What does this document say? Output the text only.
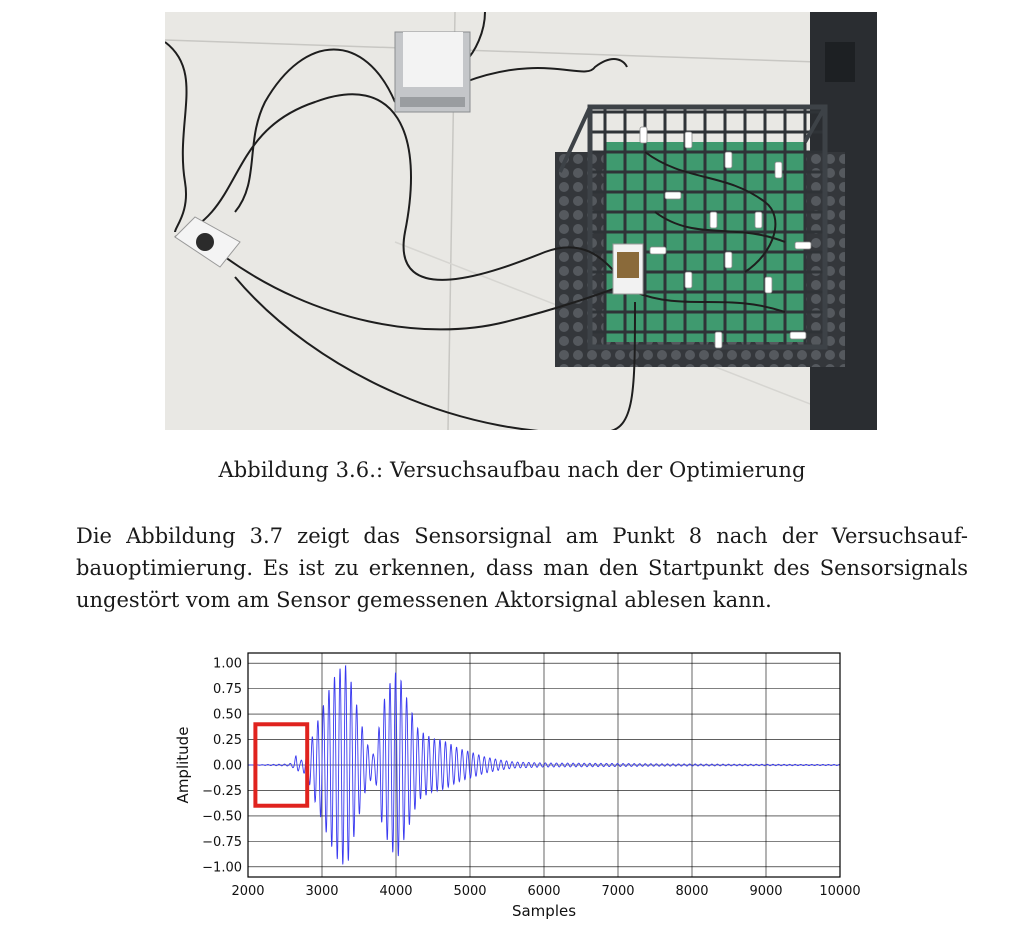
Abbildung 3.6.: Versuchsaufbau nach der Optimierung
Die Abbildung 3.7 zeigt das Sensorsignal am Punkt 8 nach der Versuchsauf-
bauoptimierung. Es ist zu erkennen, dass man den Startpunkt des Sensorsignals
ungestört vom am Sensor gemessenen Aktorsignal ablesen kann.
2000	3000	4000	5000	6000	7000	8000	9000	10000
1.00
0.75
0.50
0.25
0.00
−0.25
−0.50
−0.75
−1.00
Samples
Amplitude
